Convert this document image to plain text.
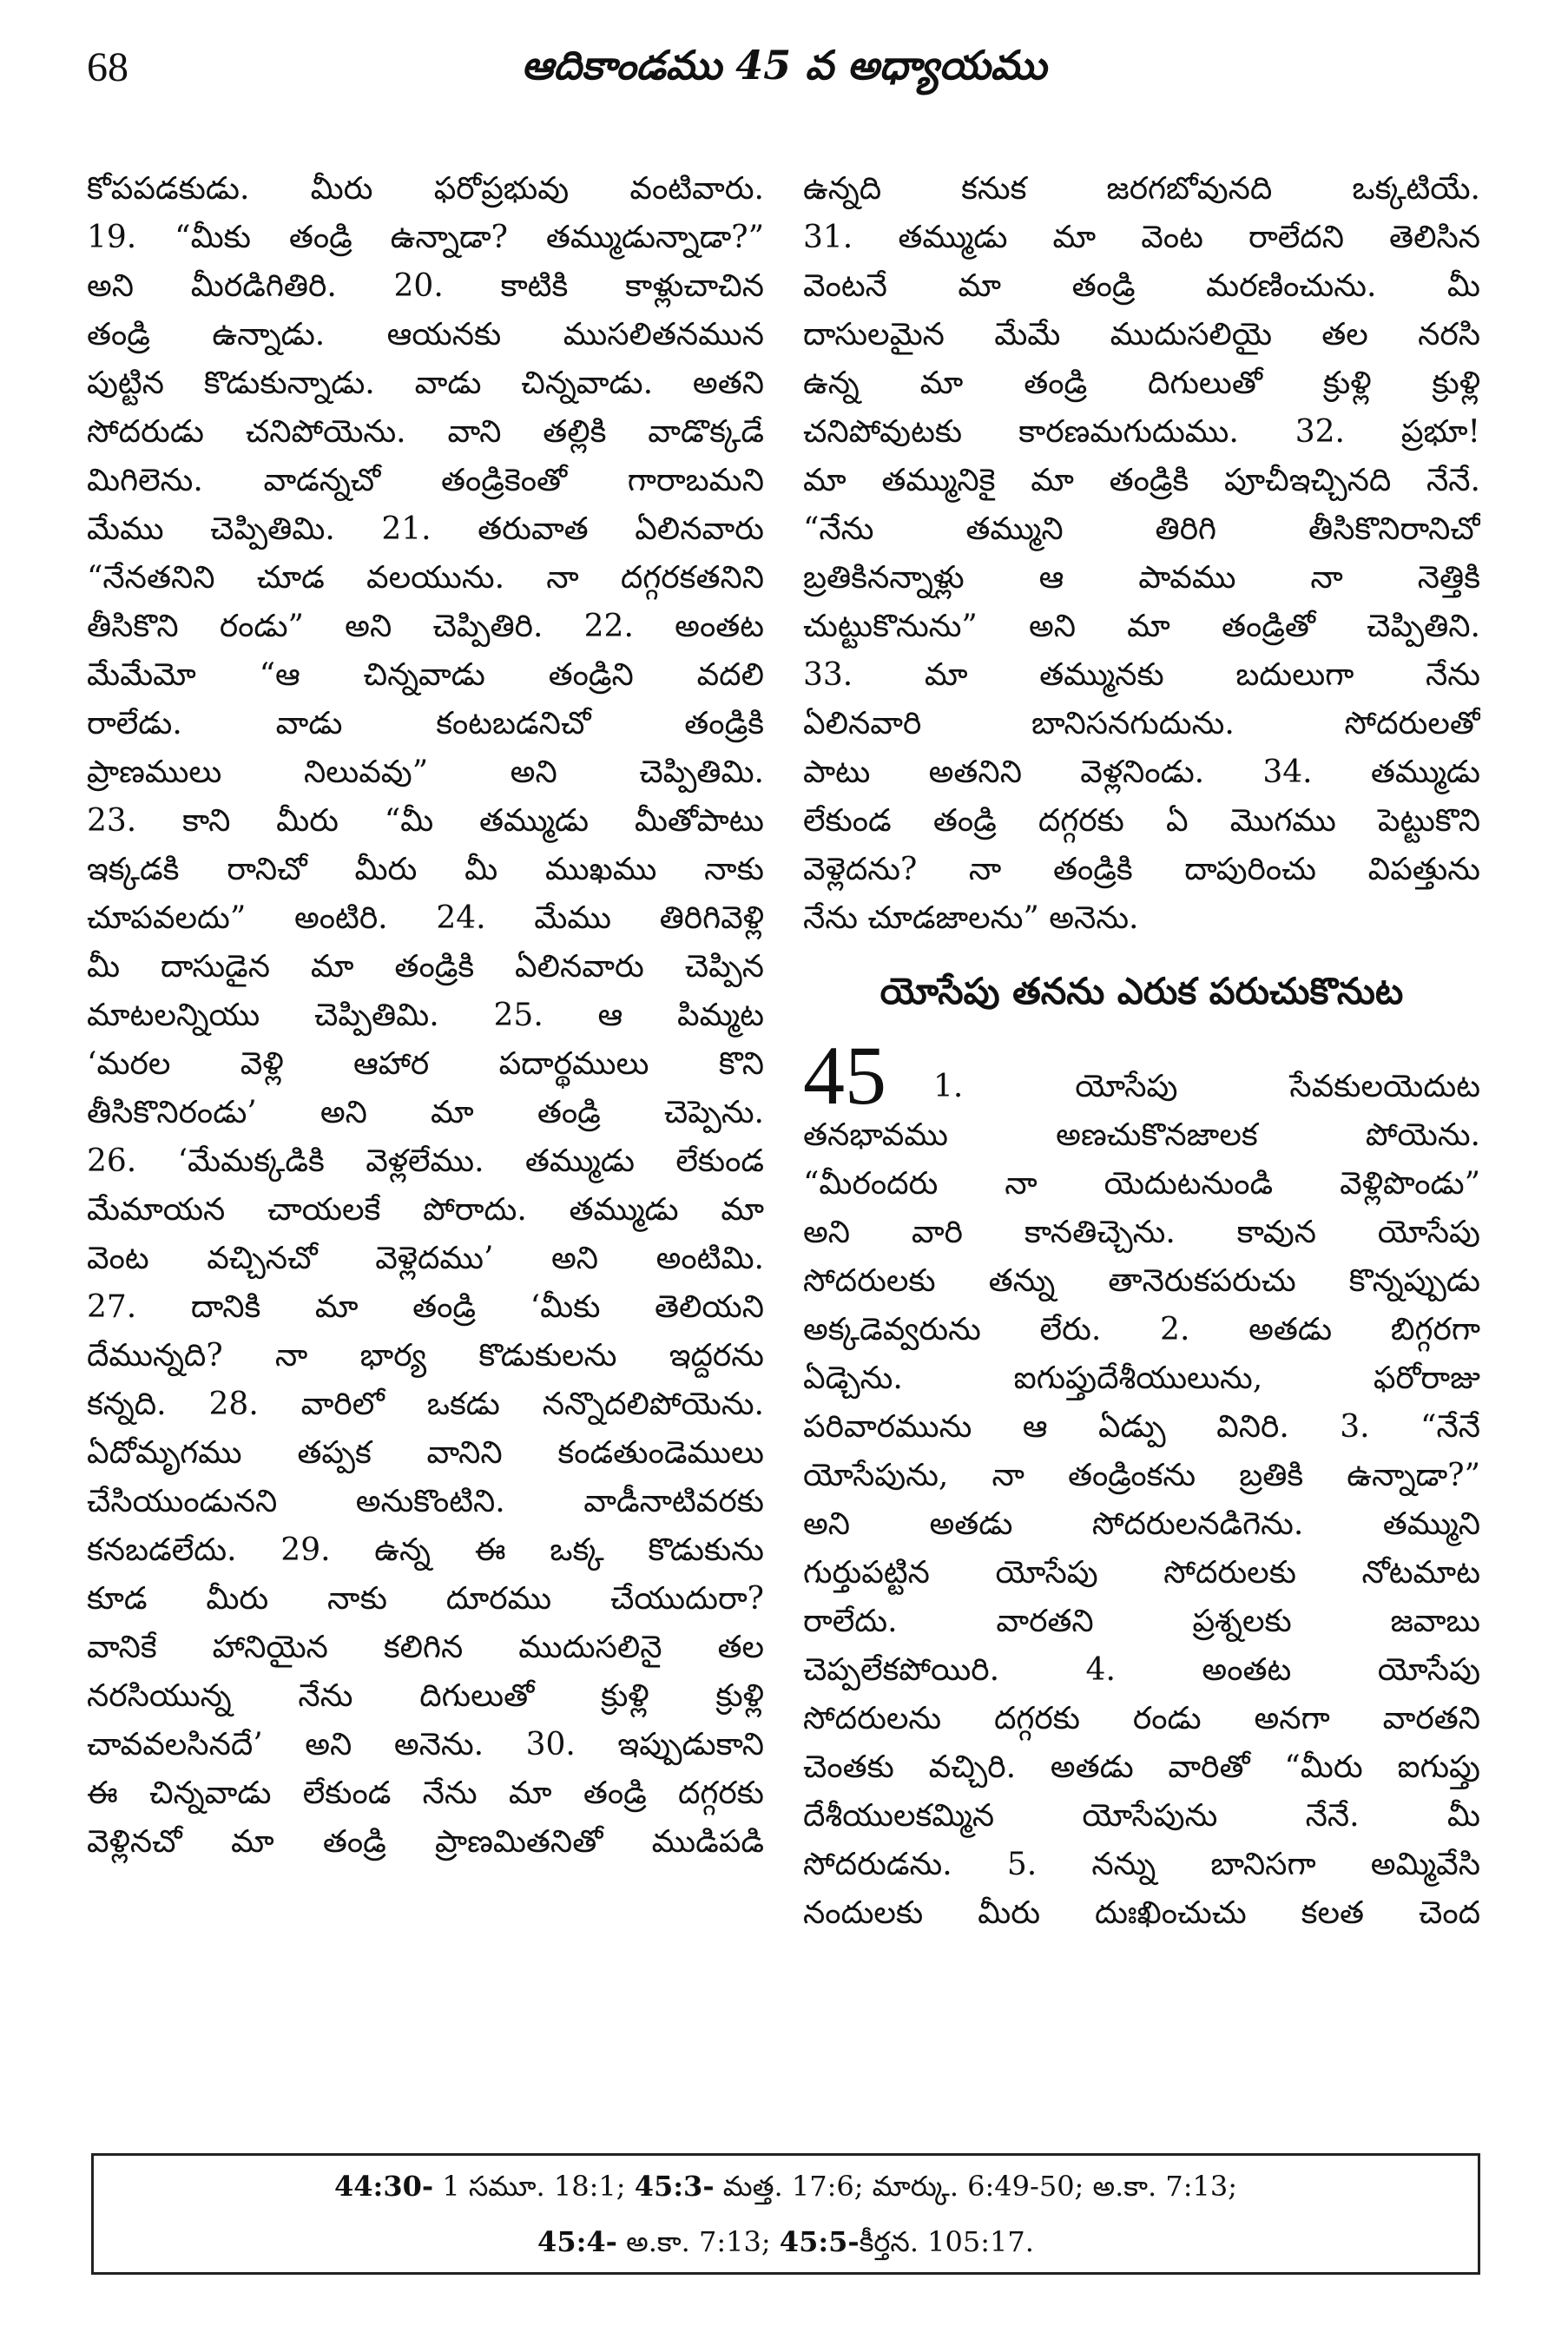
68	ఆదికాండము 45 వ అధ్యాయము
కోపపడకుడు. మీరు ఫరోప్రభువు వంటివారు.
19. “మీకు తండ్రి ఉన్నాడా? తమ్ముడున్నాడా?”
అని మీరడిగితిరి. 20. కాటికి కాళ్లుచాచిన
తండ్రి ఉన్నాడు. ఆయనకు ముసలితనమున
పుట్టిన కొడుకున్నాడు. వాడు చిన్నవాడు. అతని
సోదరుడు చనిపోయెను. వాని తల్లికి వాడొక్కడే
మిగిలెను. వాడన్నచో తండ్రికెంతో గారాబమని
మేము చెప్పితిమి. 21. తరువాత ఏలినవారు
“నేనతనిని చూడ వలయును. నా దగ్గరకతనిని
తీసికొని రండు” అని చెప్పితిరి. 22. అంతట
మేమేమో “ఆ చిన్నవాడు తండ్రిని వదలి
రాలేడు. వాడు కంటబడనిచో తండ్రికి
ప్రాణములు నిలువవు” అని చెప్పితిమి.
23. కాని మీరు “మీ తమ్ముడు మీతోపాటు
ఇక్కడకి రానిచో మీరు మీ ముఖము నాకు
చూపవలదు” అంటిరి. 24. మేము తిరిగివెళ్లి
మీ దాసుడైన మా తండ్రికి ఏలినవారు చెప్పిన
మాటలన్నియు చెప్పితిమి. 25. ఆ పిమ్మట
‘మరల వెళ్లి ఆహార పదార్థములు కొని
తీసికొనిరండు’ అని మా తండ్రి చెప్పెను.
26. ‘మేమక్కడికి వెళ్లలేము. తమ్ముడు లేకుండ
మేమాయన చాయలకే పోరాదు. తమ్ముడు మా
వెంట వచ్చినచో వెళ్లెదము’ అని అంటిమి.
27. దానికి మా తండ్రి ‘మీకు తెలియని
దేమున్నది? నా భార్య కొడుకులను ఇద్దరను
కన్నది. 28. వారిలో ఒకడు నన్నొదలిపోయెను.
ఏదోమృగము తప్పక వానిని కండతుండెములు
చేసియుండునని అనుకొంటిని. వాడీనాటివరకు
కనబడలేదు. 29. ఉన్న ఈ ఒక్క కొడుకును
కూడ మీరు నాకు దూరము చేయుదురా?
వానికే హానియైన కలిగిన ముదుసలినై తల
నరసియున్న నేను దిగులుతో క్రుళ్లి క్రుళ్లి
చావవలసినదే’ అని అనెను. 30. ఇప్పుడుకాని
ఈ చిన్నవాడు లేకుండ నేను మా తండ్రి దగ్గరకు
వెళ్లినచో మా తండ్రి ప్రాణమితనితో ముడిపడి
ఉన్నది కనుక జరగబోవునది ఒక్కటియే.
31. తమ్ముడు మా వెంట రాలేదని తెలిసిన
వెంటనే మా తండ్రి మరణించును. మీ
దాసులమైన మేమే ముదుసలియై తల నరసి
ఉన్న మా తండ్రి దిగులుతో క్రుళ్లి క్రుళ్లి
చనిపోవుటకు కారణమగుదుము. 32. ప్రభూ!
మా తమ్మునికై మా తండ్రికి పూచీఇచ్చినది నేనే.
“నేను తమ్ముని తిరిగి తీసికొనిరానిచో
బ్రతికినన్నాళ్లు ఆ పావము నా నెత్తికి
చుట్టుకొనును” అని మా తండ్రితో చెప్పితిని.
33. మా తమ్మునకు బదులుగా నేను
ఏలినవారి బానిసనగుదును. సోదరులతో
పాటు అతనిని వెళ్లనిండు. 34. తమ్ముడు
లేకుండ తండ్రి దగ్గరకు ఏ మొగము పెట్టుకొని
వెళ్లెదను? నా తండ్రికి దాపురించు విపత్తును
నేను చూడజాలను” అనెను.
యోసేపు తనను ఎరుక పరుచుకొనుట
45	1. యోసేపు సేవకులయెదుట
తనభావము అణచుకొనజాలక పోయెను.
“మీరందరు నా యెదుటనుండి వెళ్లిపొండు”
అని వారి కానతిచ్చెను. కావున యోసేపు
సోదరులకు తన్ను తానెరుకపరుచు కొన్నప్పుడు
అక్కడెవ్వరును లేరు. 2. అతడు బిగ్గరగా
ఏడ్చెను. ఐగుప్తుదేశీయులును, ఫరోరాజు
పరివారమును ఆ ఏడ్పు వినిరి. 3. “నేనే
యోసేపును, నా తండ్రింకను బ్రతికి ఉన్నాడా?”
అని అతడు సోదరులనడిగెను. తమ్ముని
గుర్తుపట్టిన యోసేపు సోదరులకు నోటమాట
రాలేదు. వారతని ప్రశ్నలకు జవాబు
చెప్పలేకపోయిరి. 4. అంతట యోసేపు
సోదరులను దగ్గరకు రండు అనగా వారతని
చెంతకు వచ్చిరి. అతడు వారితో “మీరు ఐగుప్తు
దేశీయులకమ్మిన యోసేపును నేనే. మీ
సోదరుడను. 5. నన్ను బానిసగా అమ్మివేసి
నందులకు మీరు దుఃఖించుచు కలత చెంద
44:30- 1 సమూ. 18:1; 45:3- మత్త. 17:6; మార్కు. 6:49-50; అ.కా. 7:13;
45:4- అ.కా. 7:13; 45:5-కీర్తన. 105:17.
